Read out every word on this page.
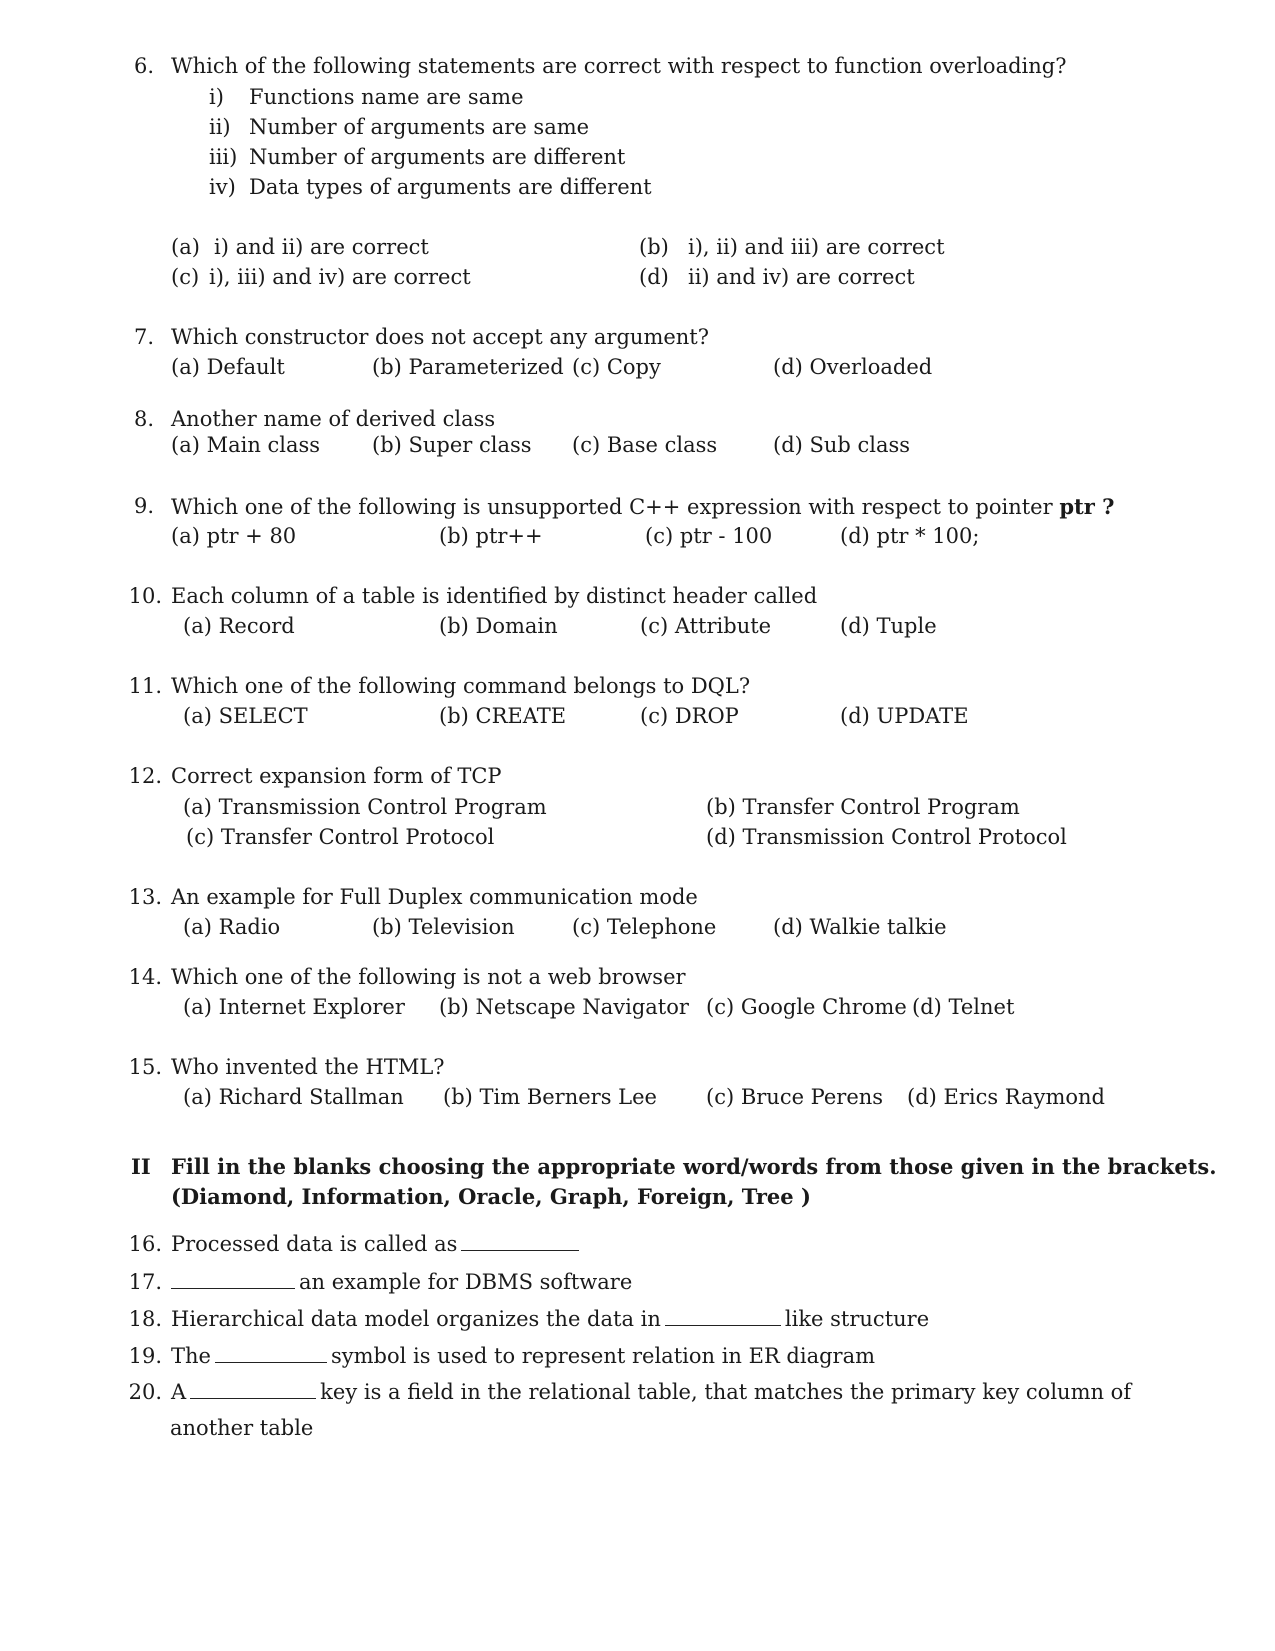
6. Which of the following statements are correct with respect to function overloading?
i) Functions name are same
ii) Number of arguments are same
iii) Number of arguments are different
iv) Data types of arguments are different
(a) i) and ii) are correct	(b) i), ii) and iii) are correct
(c) i), iii) and iv) are correct	(d) ii) and iv) are correct
7. Which constructor does not accept any argument?
(a) Default	(b) Parameterized (c) Copy	(d) Overloaded
8. Another name of derived class
(a) Main class (b) Super class (c) Base class	(d) Sub class
9. Which one of the following is unsupported C++ expression with respect to pointer ptr ?
(a) ptr + 80	(b) ptr++	(c) ptr - 100	(d) ptr * 100;
10. Each column of a table is identified by distinct header called
(a) Record	(b) Domain	(c) Attribute	(d) Tuple
11. Which one of the following command belongs to DQL?
(a) SELECT	(b) CREATE	(c) DROP	(d) UPDATE
12. Correct expansion form of TCP
(a) Transmission Control Program	(b) Transfer Control Program
(c) Transfer Control Protocol	(d) Transmission Control Protocol
13. An example for Full Duplex communication mode
(a) Radio	(b) Television	(c) Telephone	(d) Walkie talkie
14. Which one of the following is not a web browser
(a) Internet Explorer (b) Netscape Navigator (c) Google Chrome (d) Telnet
15. Who invented the HTML?
(a) Richard Stallman (b) Tim Berners Lee (c) Bruce Perens (d) Erics Raymond
II Fill in the blanks choosing the appropriate word/words from those given in the brackets.
(Diamond, Information, Oracle, Graph, Foreign, Tree )
16. Processed data is called as
17.	an example for DBMS software
18. Hierarchical data model organizes the data in	like structure
19. The	symbol is used to represent relation in ER diagram
20. A	key is a field in the relational table, that matches the primary key column of
another table
